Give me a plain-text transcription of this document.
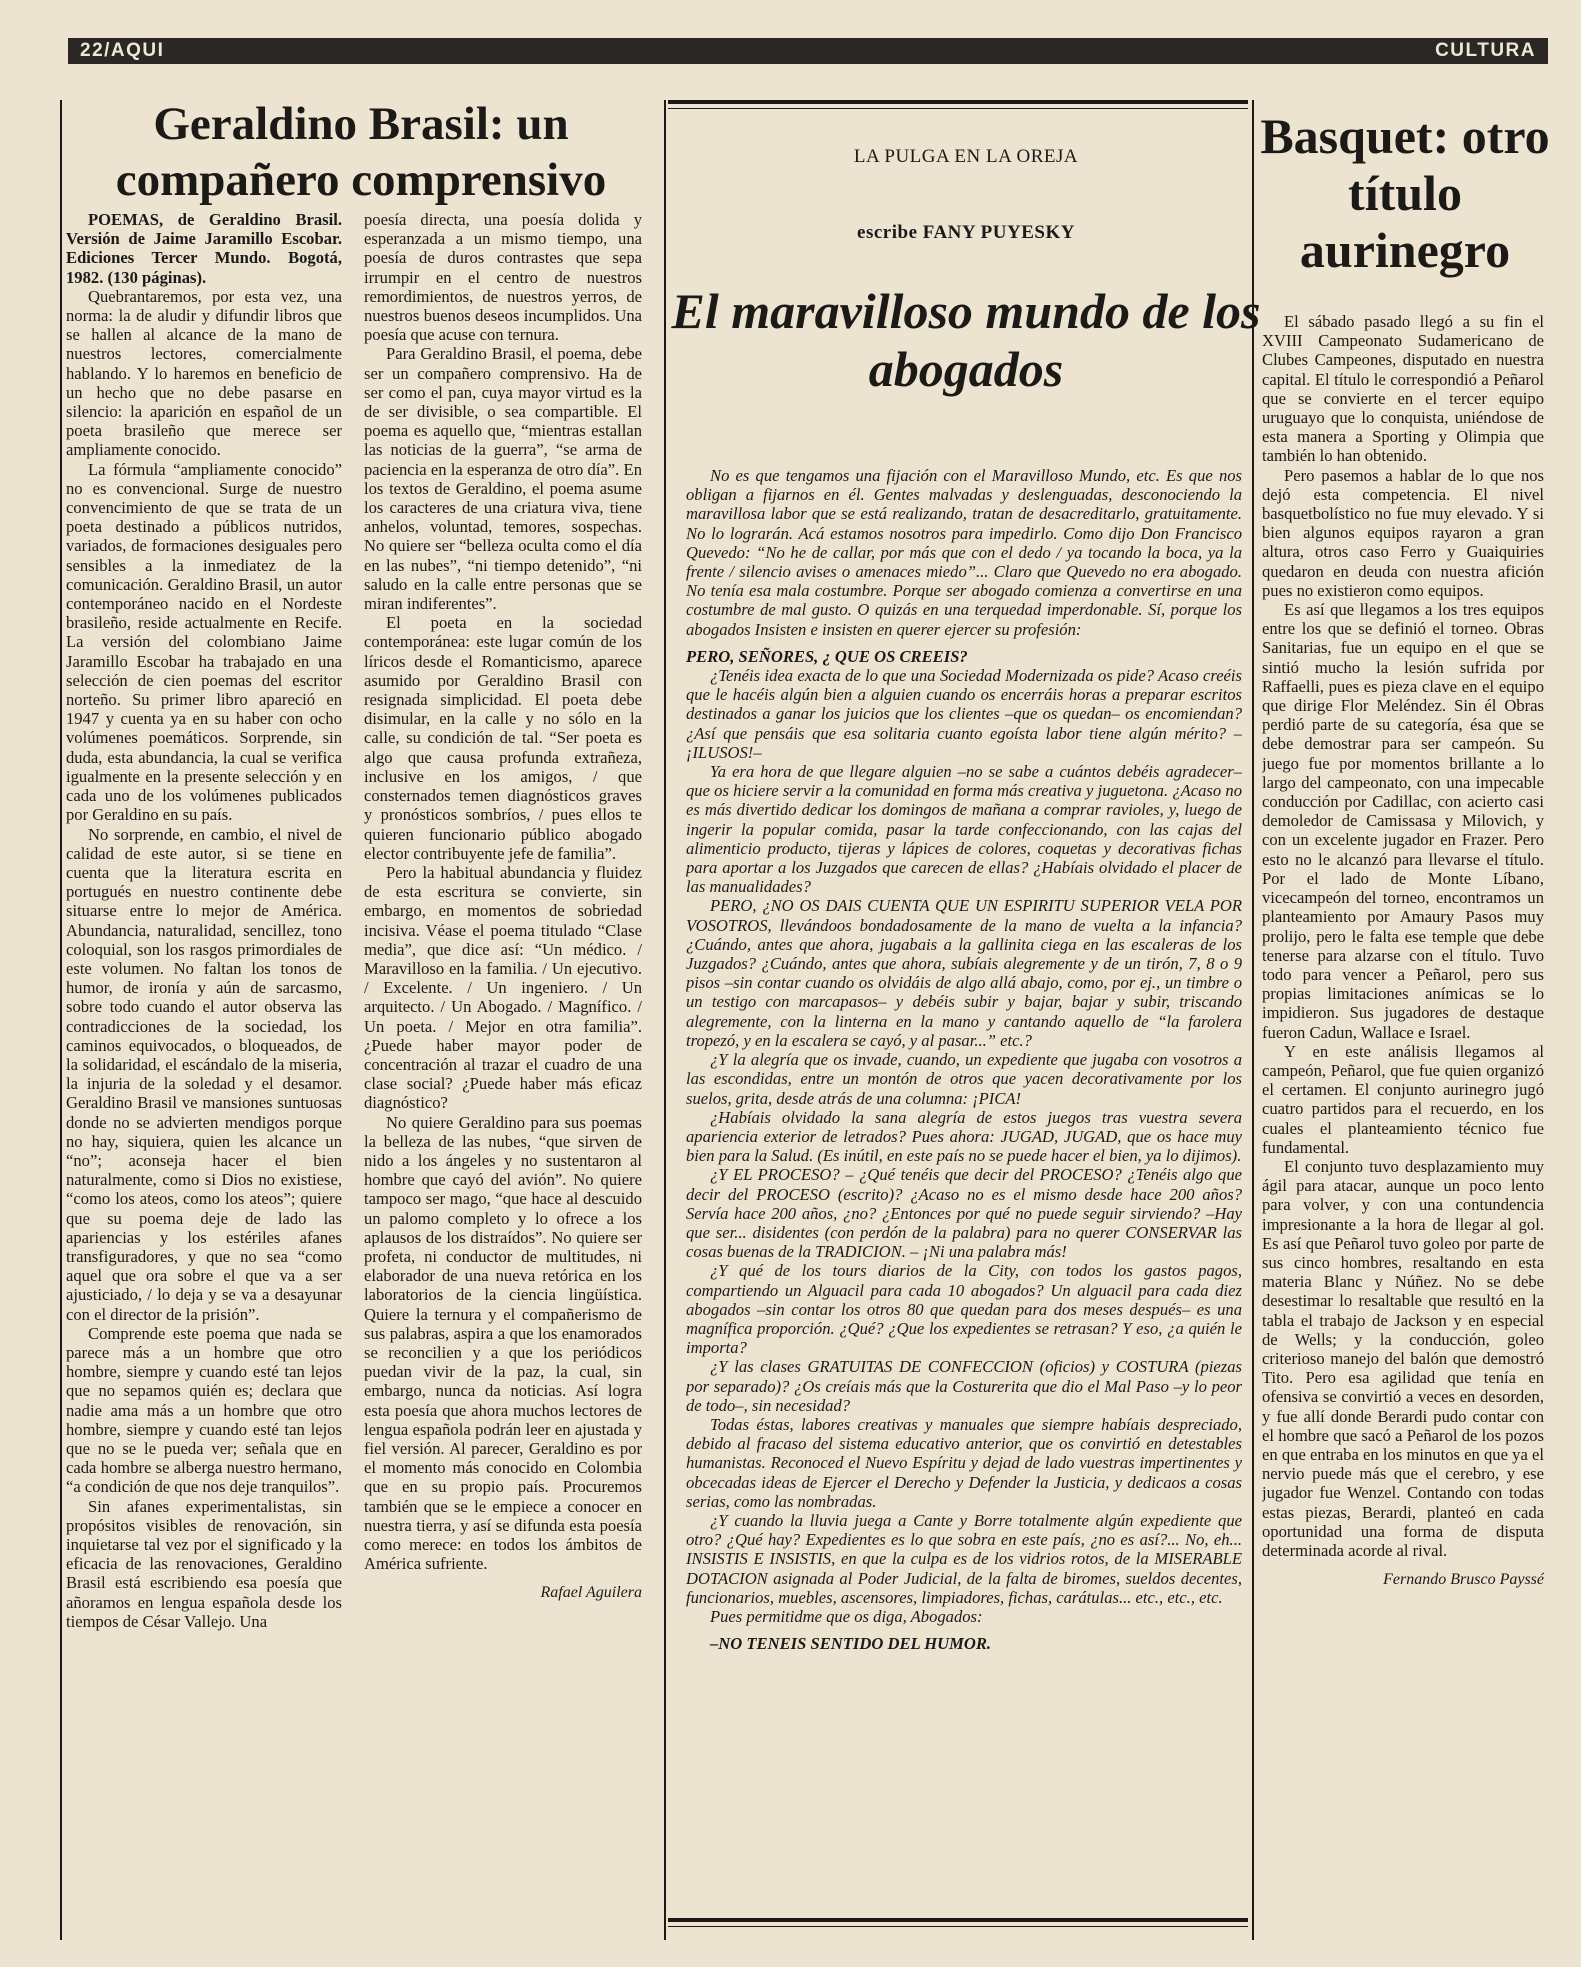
22/AQUI	CULTURA
Geraldino Brasil: un compañero comprensivo

POEMAS, de Geraldino Brasil. Versión de Jaime Jaramillo Escobar. Ediciones Tercer Mundo. Bogotá, 1982. (130 páginas).

Quebrantaremos, por esta vez, una norma: la de aludir y difundir libros que se hallen al alcance de la mano de nuestros lectores, comercialmente hablando. Y lo haremos en beneficio de un hecho que no debe pasarse en silencio: la aparición en español de un poeta brasileño que merece ser ampliamente conocido.

La fórmula “ampliamente conocido” no es convencional. Surge de nuestro convencimiento de que se trata de un poeta destinado a públicos nutridos, variados, de formaciones desiguales pero sensibles a la inmediatez de la comunicación. Geraldino Brasil, un autor contemporáneo nacido en el Nordeste brasileño, reside actualmente en Recife. La versión del colombiano Jaime Jaramillo Escobar ha trabajado en una selección de cien poemas del escritor norteño. Su primer libro apareció en 1947 y cuenta ya en su haber con ocho volúmenes poemáticos. Sorprende, sin duda, esta abundancia, la cual se verifica igualmente en la presente selección y en cada uno de los volúmenes publicados por Geraldino en su país.

No sorprende, en cambio, el nivel de calidad de este autor, si se tiene en cuenta que la literatura escrita en portugués en nuestro continente debe situarse entre lo mejor de América. Abundancia, naturalidad, sencillez, tono coloquial, son los rasgos primordiales de este volumen. No faltan los tonos de humor, de ironía y aún de sarcasmo, sobre todo cuando el autor observa las contradicciones de la sociedad, los caminos equivocados, o bloqueados, de la solidaridad, el escándalo de la miseria, la injuria de la soledad y el desamor. Geraldino Brasil ve mansiones suntuosas donde no se advierten mendigos porque no hay, siquiera, quien les alcance un “no”; aconseja hacer el bien naturalmente, como si Dios no existiese, “como los ateos, como los ateos”; quiere que su poema deje de lado las apariencias y los estériles afanes transfiguradores, y que no sea “como aquel que ora sobre el que va a ser ajusticiado, / lo deja y se va a desayunar con el director de la prisión”.

Comprende este poema que nada se parece más a un hombre que otro hombre, siempre y cuando esté tan lejos que no sepamos quién es; declara que nadie ama más a un hombre que otro hombre, siempre y cuando esté tan lejos que no se le pueda ver; señala que en cada hombre se alberga nuestro hermano, “a condición de que nos deje tranquilos”.

Sin afanes experimentalistas, sin propósitos visibles de renovación, sin inquietarse tal vez por el significado y la eficacia de las renovaciones, Geraldino Brasil está escribiendo esa poesía que añoramos en lengua española desde los tiempos de César Vallejo. Una

poesía directa, una poesía dolida y esperanzada a un mismo tiempo, una poesía de duros contrastes que sepa irrumpir en el centro de nuestros remordimientos, de nuestros yerros, de nuestros buenos deseos incumplidos. Una poesía que acuse con ternura.

Para Geraldino Brasil, el poema, debe ser un compañero comprensivo. Ha de ser como el pan, cuya mayor virtud es la de ser divisible, o sea compartible. El poema es aquello que, “mientras estallan las noticias de la guerra”, “se arma de paciencia en la esperanza de otro día”. En los textos de Geraldino, el poema asume los caracteres de una criatura viva, tiene anhelos, voluntad, temores, sospechas. No quiere ser “belleza oculta como el día en las nubes”, “ni tiempo detenido”, “ni saludo en la calle entre personas que se miran indiferentes”.

El poeta en la sociedad contemporánea: este lugar común de los líricos desde el Romanticismo, aparece asumido por Geraldino Brasil con resignada simplicidad. El poeta debe disimular, en la calle y no sólo en la calle, su condición de tal. “Ser poeta es algo que causa profunda extrañeza, inclusive en los amigos, / que consternados temen diagnósticos graves y pronósticos sombríos, / pues ellos te quieren funcionario público abogado elector contribuyente jefe de familia”.

Pero la habitual abundancia y fluidez de esta escritura se convierte, sin embargo, en momentos de sobriedad incisiva. Véase el poema titulado “Clase media”, que dice así: “Un médico. / Maravilloso en la familia. / Un ejecutivo. / Excelente. / Un ingeniero. / Un arquitecto. / Un Abogado. / Magnífico. / Un poeta. / Mejor en otra familia”. ¿Puede haber mayor poder de concentración al trazar el cuadro de una clase social? ¿Puede haber más eficaz diagnóstico?

No quiere Geraldino para sus poemas la belleza de las nubes, “que sirven de nido a los ángeles y no sustentaron al hombre que cayó del avión”. No quiere tampoco ser mago, “que hace al descuido un palomo completo y lo ofrece a los aplausos de los distraídos”. No quiere ser profeta, ni conductor de multitudes, ni elaborador de una nueva retórica en los laboratorios de la ciencia lingüística. Quiere la ternura y el compañerismo de sus palabras, aspira a que los enamorados se reconcilien y a que los periódicos puedan vivir de la paz, la cual, sin embargo, nunca da noticias. Así logra esta poesía que ahora muchos lectores de lengua española podrán leer en ajustada y fiel versión. Al parecer, Geraldino es por el momento más conocido en Colombia que en su propio país. Procuremos también que se le empiece a conocer en nuestra tierra, y así se difunda esta poesía como merece: en todos los ámbitos de América sufriente.

Rafael Aguilera
LA PULGA EN LA OREJA
escribe FANY PUYESKY
El maravilloso mundo de los abogados

No es que tengamos una fijación con el Maravilloso Mundo, etc. Es que nos obligan a fijarnos en él. Gentes malvadas y deslenguadas, desconociendo la maravillosa labor que se está realizando, tratan de desacreditarlo, gratuitamente. No lo lograrán. Acá estamos nosotros para impedirlo. Como dijo Don Francisco Quevedo: “No he de callar, por más que con el dedo / ya tocando la boca, ya la frente / silencio avises o amenaces miedo”... Claro que Quevedo no era abogado. No tenía esa mala costumbre. Porque ser abogado comienza a convertirse en una costumbre de mal gusto. O quizás en una terquedad imperdonable. Sí, porque los abogados Insisten e insisten en querer ejercer su profesión:

PERO, SEÑORES, ¿ QUE OS CREEIS?

¿Tenéis idea exacta de lo que una Sociedad Modernizada os pide? Acaso creéis que le hacéis algún bien a alguien cuando os encerráis horas a preparar escritos destinados a ganar los juicios que los clientes –que os quedan– os encomiendan? ¿Así que pensáis que esa solitaria cuanto egoísta labor tiene algún mérito? – ¡ILUSOS!–

Ya era hora de que llegare alguien –no se sabe a cuántos debéis agradecer– que os hiciere servir a la comunidad en forma más creativa y juguetona. ¿Acaso no es más divertido dedicar los domingos de mañana a comprar ravioles, y, luego de ingerir la popular comida, pasar la tarde confeccionando, con las cajas del alimenticio producto, tijeras y lápices de colores, coquetas y decorativas fichas para aportar a los Juzgados que carecen de ellas? ¿Habíais olvidado el placer de las manualidades?

PERO, ¿NO OS DAIS CUENTA QUE UN ESPIRITU SUPERIOR VELA POR VOSOTROS, llevándoos bondadosamente de la mano de vuelta a la infancia? ¿Cuándo, antes que ahora, jugabais a la gallinita ciega en las escaleras de los Juzgados? ¿Cuándo, antes que ahora, subíais alegremente y de un tirón, 7, 8 o 9 pisos –sin contar cuando os olvidáis de algo allá abajo, como, por ej., un timbre o un testigo con marcapasos– y debéis subir y bajar, bajar y subir, triscando alegremente, con la linterna en la mano y cantando aquello de “la farolera tropezó, y en la escalera se cayó, y al pasar...” etc.?

¿Y la alegría que os invade, cuando, un expediente que jugaba con vosotros a las escondidas, entre un montón de otros que yacen decorativamente por los suelos, grita, desde atrás de una columna: ¡PICA!

¿Habíais olvidado la sana alegría de estos juegos tras vuestra severa apariencia exterior de letrados? Pues ahora: JUGAD, JUGAD, que os hace muy bien para la Salud. (Es inútil, en este país no se puede hacer el bien, ya lo dijimos).

¿Y EL PROCESO? – ¿Qué tenéis que decir del PROCESO? ¿Tenéis algo que decir del PROCESO (escrito)? ¿Acaso no es el mismo desde hace 200 años? Servía hace 200 años, ¿no? ¿Entonces por qué no puede seguir sirviendo? –Hay que ser... disidentes (con perdón de la palabra) para no querer CONSERVAR las cosas buenas de la TRADICION. – ¡Ni una palabra más!

¿Y qué de los tours diarios de la City, con todos los gastos pagos, compartiendo un Alguacil para cada 10 abogados? Un alguacil para cada diez abogados –sin contar los otros 80 que quedan para dos meses después– es una magnífica proporción. ¿Qué? ¿Que los expedientes se retrasan? Y eso, ¿a quién le importa?

¿Y las clases GRATUITAS DE CONFECCION (oficios) y COSTURA (piezas por separado)? ¿Os creíais más que la Costurerita que dio el Mal Paso –y lo peor de todo–, sin necesidad?

Todas éstas, labores creativas y manuales que siempre habíais despreciado, debido al fracaso del sistema educativo anterior, que os convirtió en detestables humanistas. Reconoced el Nuevo Espíritu y dejad de lado vuestras impertinentes y obcecadas ideas de Ejercer el Derecho y Defender la Justicia, y dedicaos a cosas serias, como las nombradas.

¿Y cuando la lluvia juega a Cante y Borre totalmente algún expediente que otro? ¿Qué hay? Expedientes es lo que sobra en este país, ¿no es así?... No, eh... INSISTIS E INSISTIS, en que la culpa es de los vidrios rotos, de la MISERABLE DOTACION asignada al Poder Judicial, de la falta de biromes, sueldos decentes, funcionarios, muebles, ascensores, limpiadores, fichas, carátulas... etc., etc., etc.

Pues permitidme que os diga, Abogados:

–NO TENEIS SENTIDO DEL HUMOR.

Basquet: otro título aurinegro

El sábado pasado llegó a su fin el XVIII Campeonato Sudamericano de Clubes Campeones, disputado en nuestra capital. El título le correspondió a Peñarol que se convierte en el tercer equipo uruguayo que lo conquista, uniéndose de esta manera a Sporting y Olimpia que también lo han obtenido.

Pero pasemos a hablar de lo que nos dejó esta competencia. El nivel basquetbolístico no fue muy elevado. Y si bien algunos equipos rayaron a gran altura, otros caso Ferro y Guaiquiries quedaron en deuda con nuestra afición pues no existieron como equipos.

Es así que llegamos a los tres equipos entre los que se definió el torneo. Obras Sanitarias, fue un equipo en el que se sintió mucho la lesión sufrida por Raffaelli, pues es pieza clave en el equipo que dirige Flor Meléndez. Sin él Obras perdió parte de su categoría, ésa que se debe demostrar para ser campeón. Su juego fue por momentos brillante a lo largo del campeonato, con una impecable conducción por Cadillac, con acierto casi demoledor de Camissasa y Milovich, y con un excelente jugador en Frazer. Pero esto no le alcanzó para llevarse el título. Por el lado de Monte Líbano, vicecampeón del torneo, encontramos un planteamiento por Amaury Pasos muy prolijo, pero le falta ese temple que debe tenerse para alzarse con el título. Tuvo todo para vencer a Peñarol, pero sus propias limitaciones anímicas se lo impidieron. Sus jugadores de destaque fueron Cadun, Wallace e Israel.

Y en este análisis llegamos al campeón, Peñarol, que fue quien organizó el certamen. El conjunto aurinegro jugó cuatro partidos para el recuerdo, en los cuales el planteamiento técnico fue fundamental.

El conjunto tuvo desplazamiento muy ágil para atacar, aunque un poco lento para volver, y con una contundencia impresionante a la hora de llegar al gol. Es así que Peñarol tuvo goleo por parte de sus cinco hombres, resaltando en esta materia Blanc y Núñez. No se debe desestimar lo resaltable que resultó en la tabla el trabajo de Jackson y en especial de Wells; y la conducción, goleo criterioso manejo del balón que demostró Tito. Pero esa agilidad que tenía en ofensiva se convirtió a veces en desorden, y fue allí donde Berardi pudo contar con el hombre que sacó a Peñarol de los pozos en que entraba en los minutos en que ya el nervio puede más que el cerebro, y ese jugador fue Wenzel. Contando con todas estas piezas, Berardi, planteó en cada oportunidad una forma de disputa determinada acorde al rival.

Fernando Brusco Payssé
